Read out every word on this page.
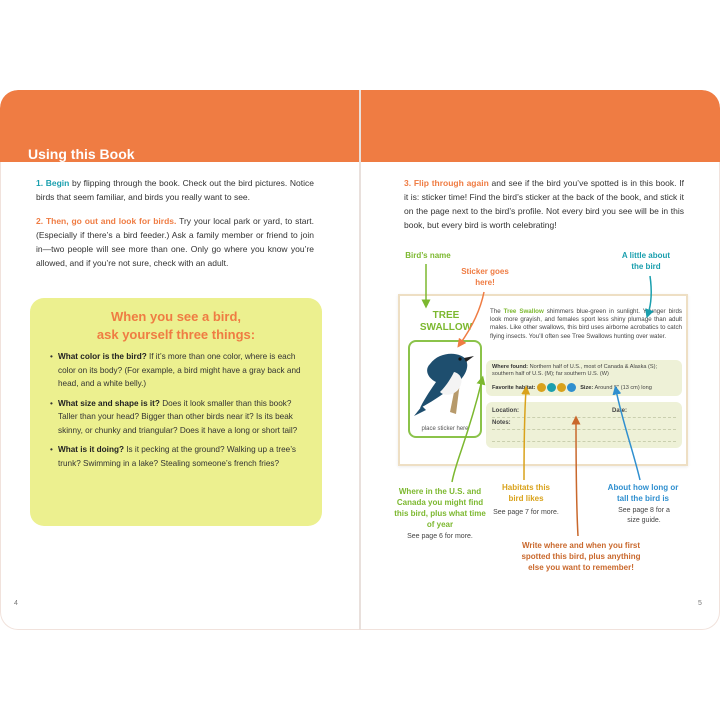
Using this Book

1. Begin by flipping through the book. Check out the bird pictures. Notice birds that seem familiar, and birds you really want to see.

2. Then, go out and look for birds. Try your local park or yard, to start. (Especially if there’s a bird feeder.) Ask a family member or friend to join in—two people will see more than one. Only go where you know you’re allowed, and if you’re not sure, check with an adult.

When you see a bird,
ask yourself three things:
• What color is the bird? If it’s more than one color, where is each color on its body? (For example, a bird might have a gray back and head, and a white belly.)
• What size and shape is it? Does it look smaller than this book? Taller than your head? Bigger than other birds near it? Is its beak skinny, or chunky and triangular? Does it have a long or short tail?
• What is it doing? Is it pecking at the ground? Walking up a tree’s trunk? Swimming in a lake? Stealing someone’s french fries?
4

3. Flip through again and see if the bird you’ve spotted is in this book. If it is: sticker time! Find the bird’s sticker at the back of the book, and stick it on the page next to the bird’s profile. Not every bird you see will be in this book, but every bird is worth celebrating!

Bird’s name
Sticker goes here!
A little about the bird
TREE
SWALLOW
place sticker here

The Tree Swallow shimmers blue-green in sunlight. Younger birds look more grayish, and females sport less shiny plumage than adult males. Like other swallows, this bird uses airborne acrobatics to catch flying insects. You’ll often see Tree Swallows hunting over water.

Where found: Northern half of U.S., most of Canada & Alaska (S); southern half of U.S. (M); far southern U.S. (W)
Favorite habitat:	Size: Around 5" (13 cm) long
Location:	Date:
Notes:
Where in the U.S. and Canada you might find this bird, plus what time of year
See page 6 for more.
Habitats this bird likes
See page 7 for more.
About how long or tall the bird is
See page 8 for a size guide.
Write where and when you first spotted this bird, plus anything else you want to remember!
5
